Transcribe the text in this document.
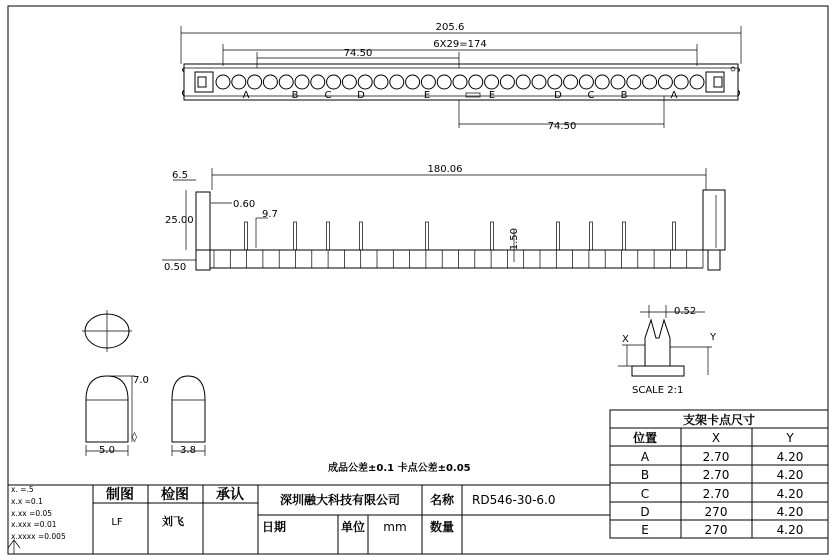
205.6
6X29=174
74.50
A	B	C	D	E	E	D	C	B	A
74.50
180.06
6.5
25.00
0.50
0.60
9.7
1.50
7.0
5.0
◊
3.8
0.52
X	Y
SCALE 2:1
成品公差±0.1 卡点公差±0.05
支架卡点尺寸
位置	X	Y
A	2.70	4.20
B	2.70	4.20
C	2.70	4.20
D	270	4.20
E	270	4.20
x. =.5
x.x =0.1
x.xx =0.05
x.xxx =0.01
x.xxxx =0.005
制图 检图 承认
LF	刘飞
深圳融大科技有限公司 名称 RD546-30-6.0
日期	单位 mm 数量
